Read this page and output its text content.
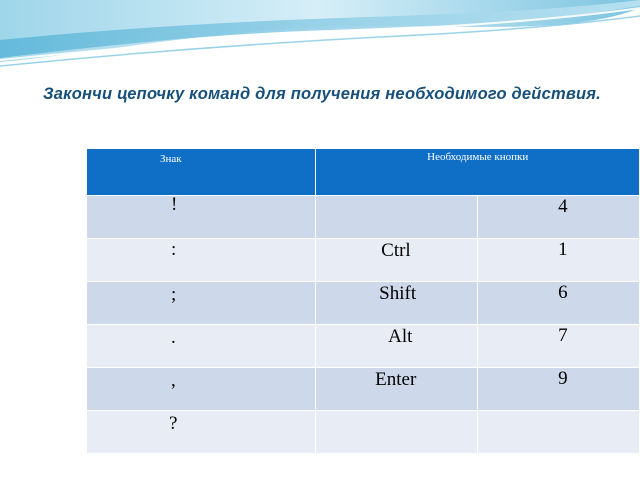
Закончи цепочку команд для получения необходимого действия.
Знак	Необходимые кнопки	

!		4

:	Ctrl	1

;	Shift	6

.	Alt	7

,	Enter	9

?		
